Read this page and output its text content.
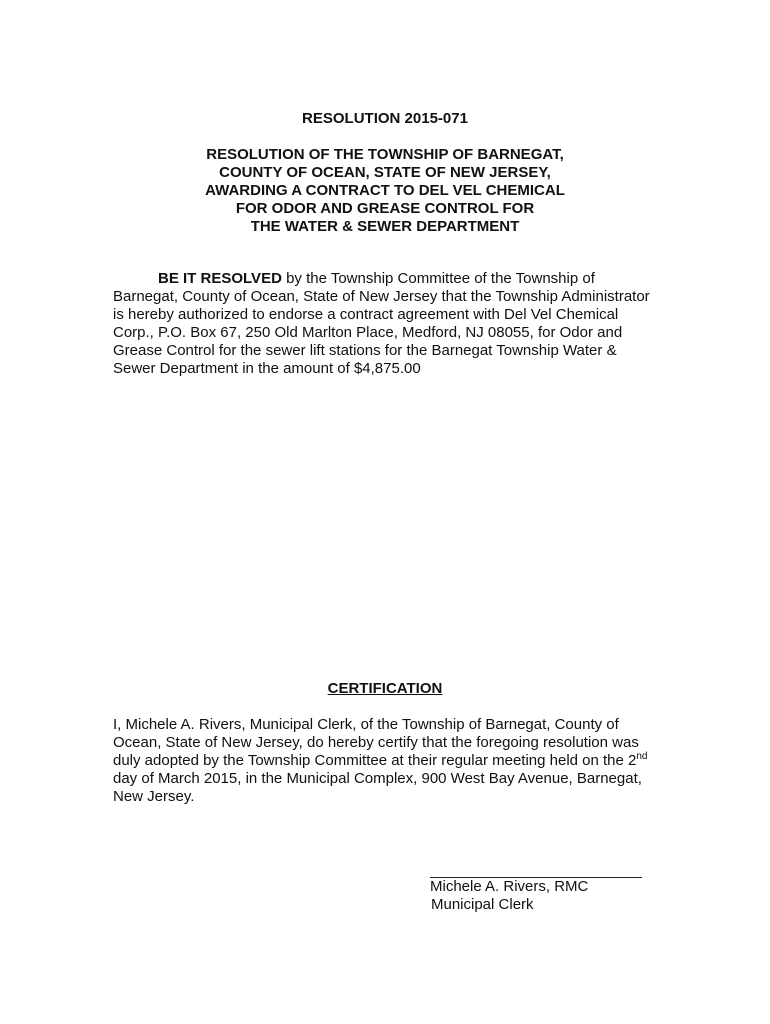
RESOLUTION 2015-071
RESOLUTION OF THE TOWNSHIP OF BARNEGAT,
COUNTY OF OCEAN, STATE OF NEW JERSEY,
AWARDING A CONTRACT TO DEL VEL CHEMICAL
FOR ODOR AND GREASE CONTROL FOR
THE WATER & SEWER DEPARTMENT
BE IT RESOLVED by the Township Committee of the Township of
Barnegat, County of Ocean, State of New Jersey that the Township Administrator
is hereby authorized to endorse a contract agreement with Del Vel Chemical
Corp., P.O. Box 67, 250 Old Marlton Place, Medford, NJ 08055, for Odor and
Grease Control for the sewer lift stations for the Barnegat Township Water &
Sewer Department in the amount of $4,875.00
CERTIFICATION
I, Michele A. Rivers, Municipal Clerk, of the Township of Barnegat, County of
Ocean, State of New Jersey, do hereby certify that the foregoing resolution was
duly adopted by the Township Committee at their regular meeting held on the 2nd
day of March 2015, in the Municipal Complex, 900 West Bay Avenue, Barnegat,
New Jersey.
Michele A. Rivers, RMC
Municipal Clerk
